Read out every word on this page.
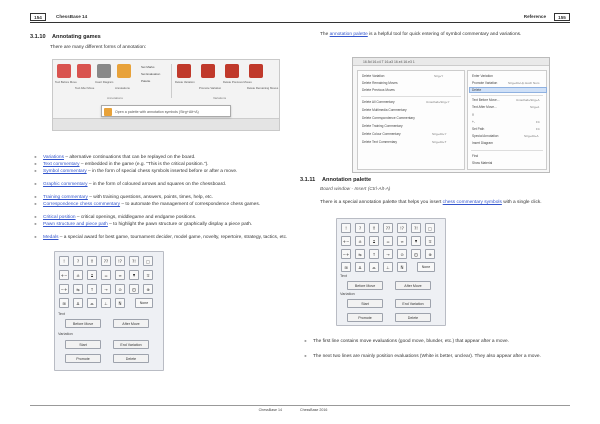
154	ChessBase 14
3.1.10 Annotating games
There are many different forms of annotation:
Text Before Move
Text After Move
Insert Diagram
Annotations
Set Marks
Set Evaluation
Palette	Delete Variation
Promote Variation
Delete Previous Moves
Delete Remaining Moves
Annotations	Variations
Open a palette with annotation symbols (Strg+Alt+A)
► Variations – alternative continuations that can be replayed on the board.
► Text commentary – embedded in the game (e.g. "This is the critical position.").
► Symbol commentary – in the form of special chess symbols inserted before or after a move.
► Graphic commentary – in the form of coloured arrows and squares on the chessboard.
► Training commentary – with training questions, answers, points, times, help, etc.
► Correspondence chess commentary – to automate the management of correspondence chess games.
► Critical position – critical openings, middlegame and endgame positions.
► Pawn structure and piece path – to highlight the pawn structure or graphically display a piece path.
► Medals – a special award for best game, tournament decider, model game, novelty, repertoire, strategy, tactics, etc.
!	?	!!	??	!?	?!	□
+−	±	⩲	=	∞	⩱	∓
−+	⇆	↑	→	⊙	⨀	⊕
⊞	∆	⌓	⊥	N	None
Text
Before Move	After Move
Variation
Start	End Variation
Promote	Delete
ChessBase 14
Reference	155
The annotation palette is a helpful tool for quick entering of symbol commentary and variations.
16.5d 16.c4 T 16.a3 16.e4 16.e3 1
Delete Variation	Strg+Y
Delete Remaining Moves
Delete Previous Moves
Delete All Commentary	Umschalt+Strg+Y
Delete Multimedia Commentary
Delete Correspondence Commentary
Delete Training Commentary
Delete Colour Commentary	Strg+Alt+Y
Delete Text Commentary	Strg+Alt+T
Enter Variation
Promote Variation	Strg+Alt+Up Hoch Num
Delete
Text Before Move...	Umschalt+Strg+A
Text After Move...	Strg+A
!!
+-	F4
Set Path	F4
Special Annotation	Strg+Alt+A
Insert Diagram
Find
Show Material
3.1.11 Annotation palette
Board window - Insert (Ctrl-Alt-A)
There is a special annotation palette that helps you insert chess commentary symbols with a single click.
!	?	!!	??	!?	?!	□
+−	±	⩲	=	∞	⩱	∓
−+	⇆	↑	→	⊙	⨀	⊕
⊞	∆	⌓	⊥	N	None
Text
Before Move	After Move
Variation
Start	End Variation
Promote	Delete
► The first line contains move evaluations (good move, blunder, etc.) that appear after a move.
► The next two lines are mainly position evaluations (White is better, unclear). They also appear after a move.
ChessBase 2016
